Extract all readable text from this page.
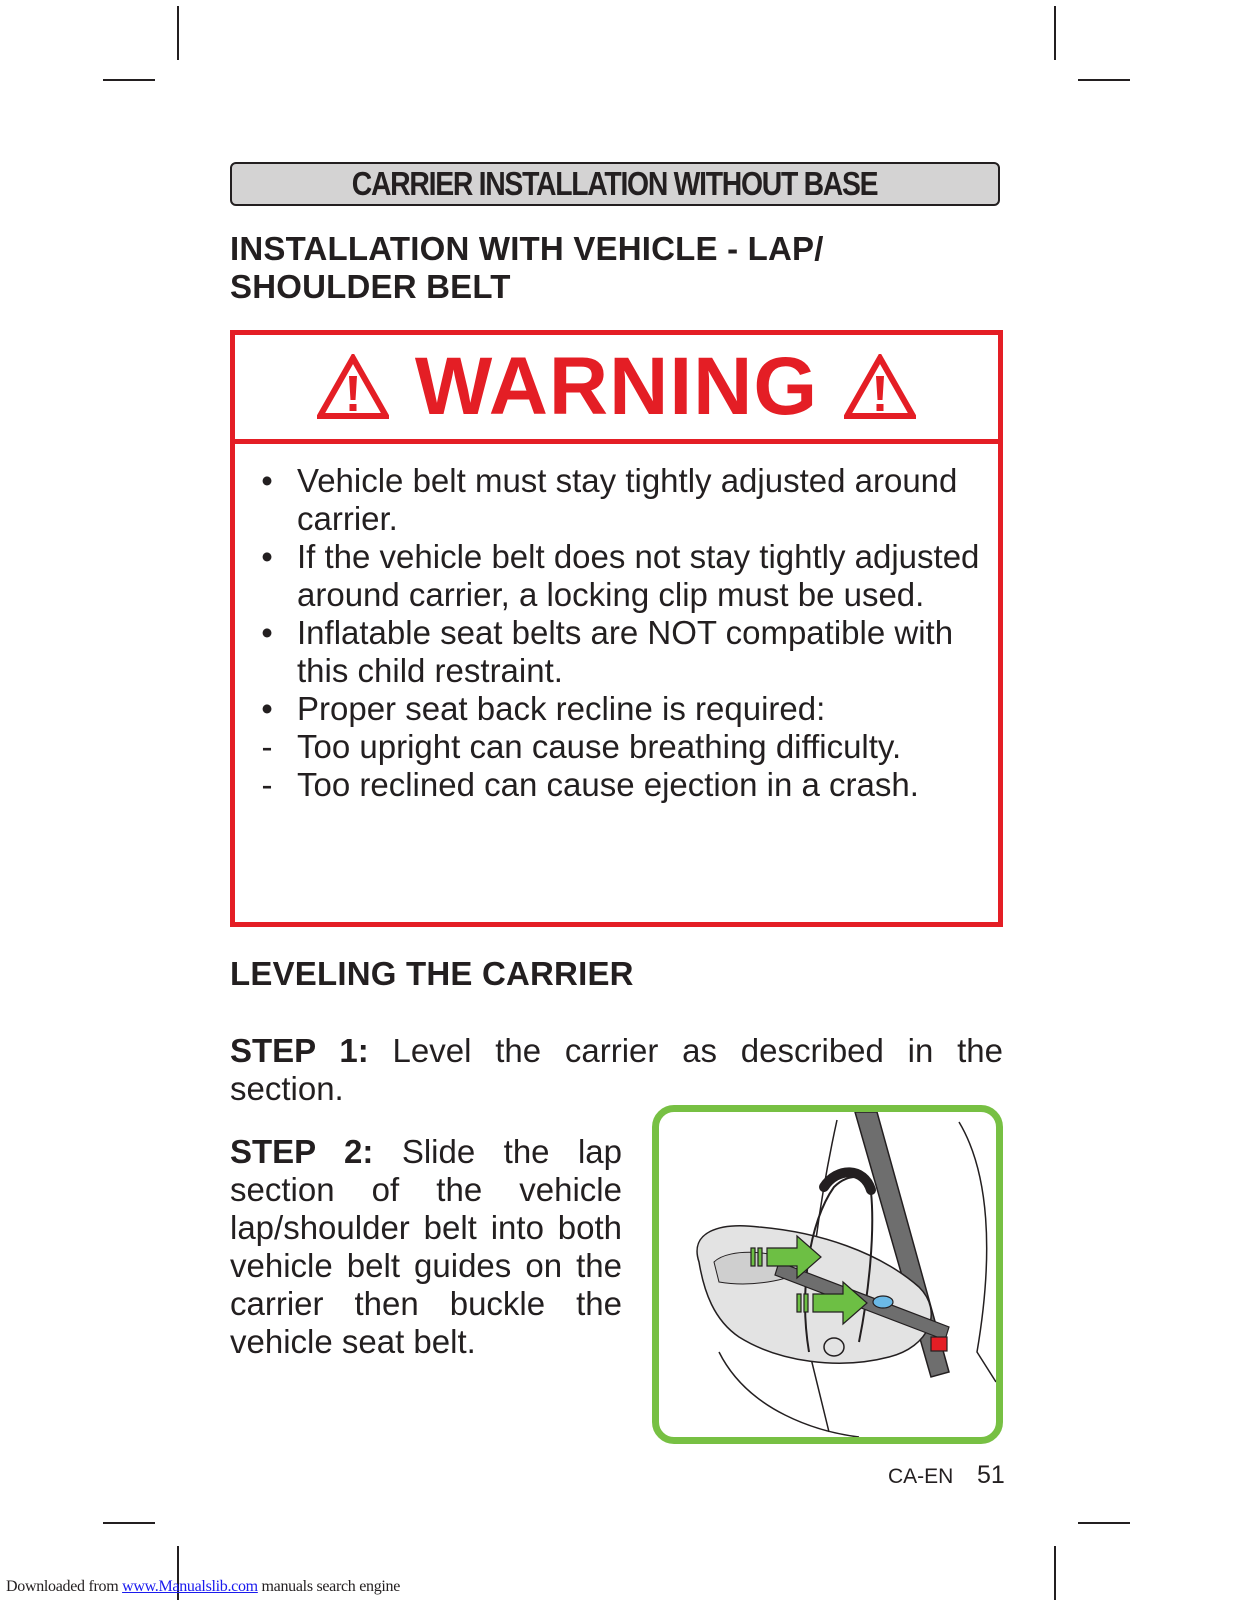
CARRIER INSTALLATION WITHOUT BASE
INSTALLATION WITH VEHICLE - LAP/ SHOULDER BELT
WARNING
• Vehicle belt must stay tightly adjusted around carrier.
• If the vehicle belt does not stay tightly adjusted around carrier, a locking clip must be used.
• Inflatable seat belts are NOT compatible with this child restraint.
• Proper seat back recline is required:
- Too upright can cause breathing difficulty.
- Too reclined can cause ejection in a crash.
LEVELING THE CARRIER
STEP 1: Level the carrier as described in the section.
STEP 2: Slide the lap section of the vehicle lap/shoulder belt into both vehicle belt guides on the carrier then buckle the vehicle seat belt.
CA-EN 51
Downloaded from www.Manualslib.com manuals search engine
